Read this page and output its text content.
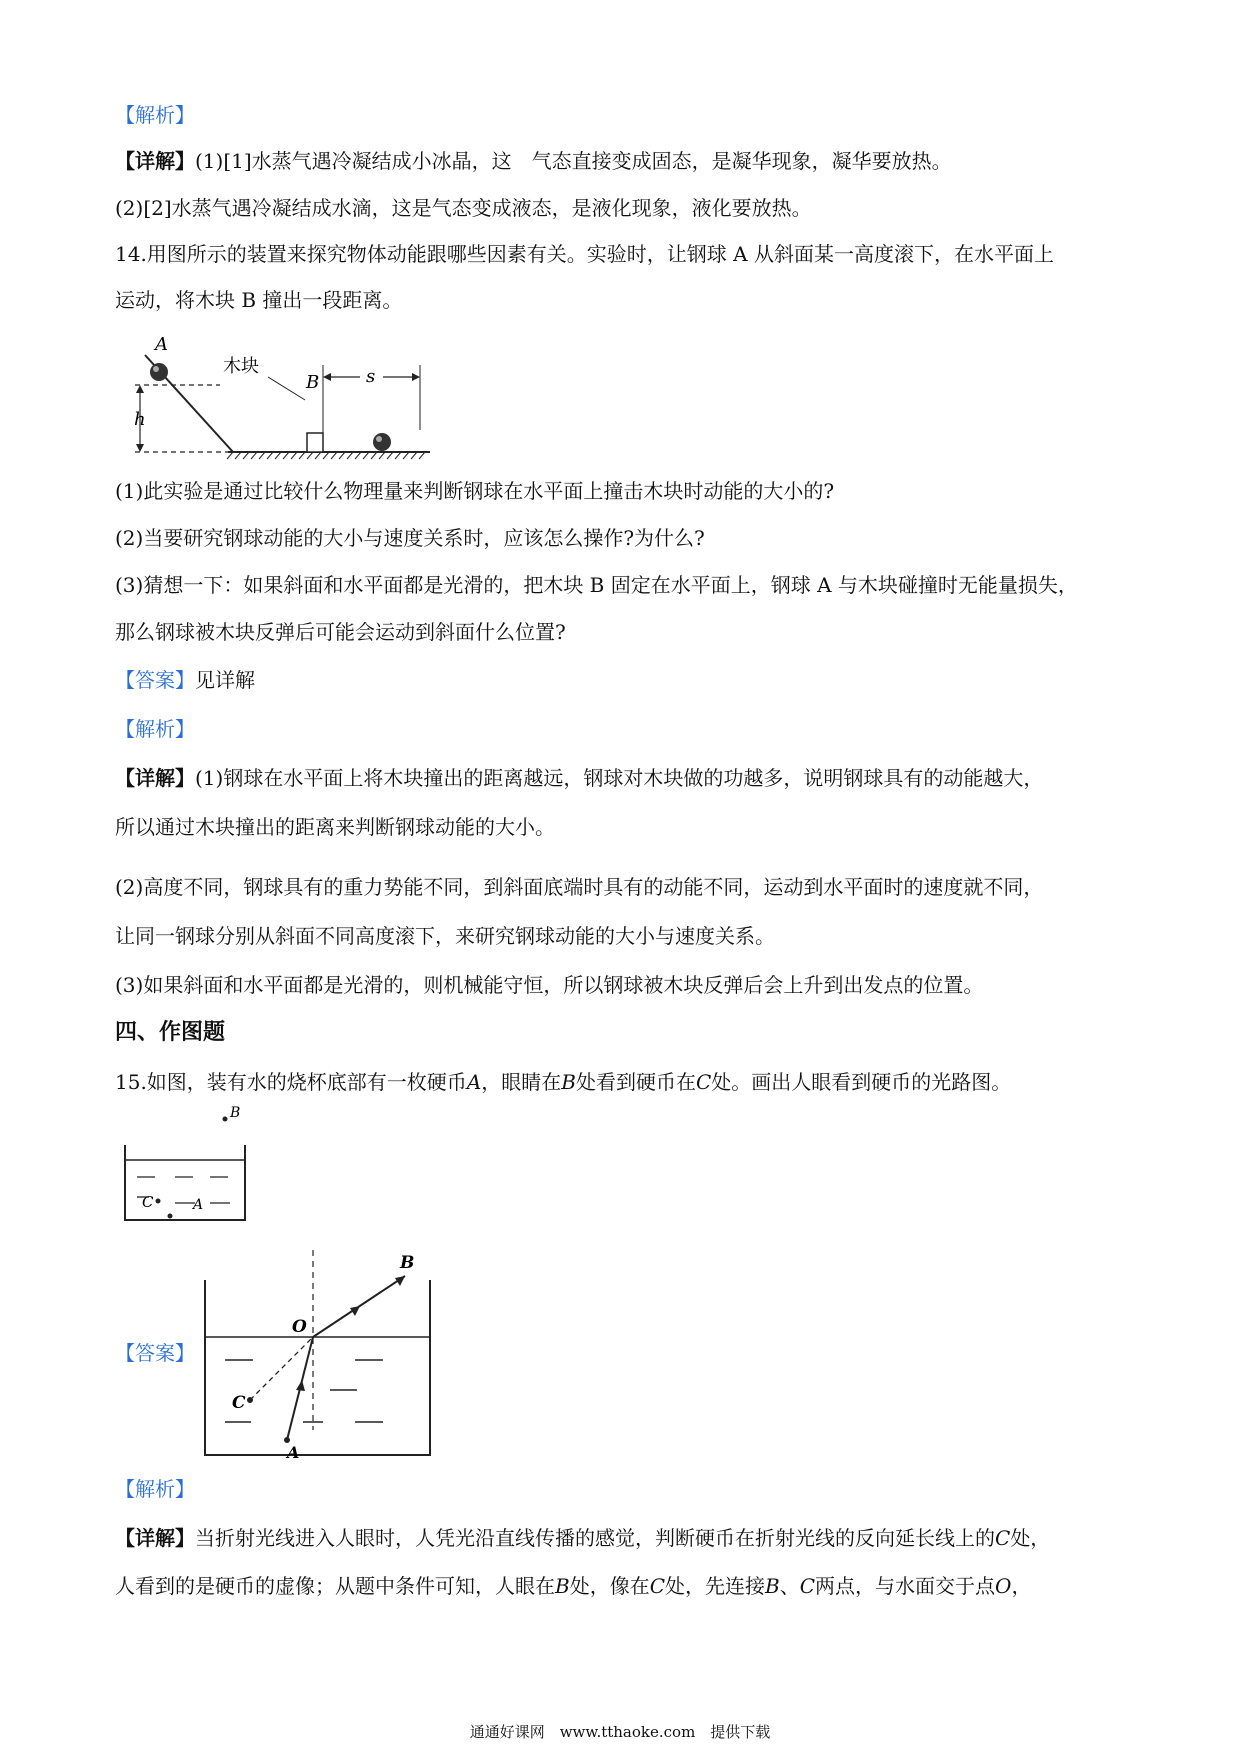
【解析】
【详解】(1)[1]水蒸气遇冷凝结成小冰晶，这　气态直接变成固态，是凝华现象，凝华要放热。
(2)[2]水蒸气遇冷凝结成水滴，这是气态变成液态，是液化现象，液化要放热。
14.用图所示的装置来探究物体动能跟哪些因素有关。实验时，让钢球 A 从斜面某一高度滚下，在水平面上
运动，将木块 B 撞出一段距离。
h
A
木块
B	s
(1)此实验是通过比较什么物理量来判断钢球在水平面上撞击木块时动能的大小的?
(2)当要研究钢球动能的大小与速度关系时，应该怎么操作?为什么?
(3)猜想一下：如果斜面和水平面都是光滑的，把木块 B 固定在水平面上，钢球 A 与木块碰撞时无能量损失，
那么钢球被木块反弹后可能会运动到斜面什么位置?
【答案】见详解
【解析】
【详解】(1)钢球在水平面上将木块撞出的距离越远，钢球对木块做的功越多，说明钢球具有的动能越大，
所以通过木块撞出的距离来判断钢球动能的大小。
(2)高度不同，钢球具有的重力势能不同，到斜面底端时具有的动能不同，运动到水平面时的速度就不同，
让同一钢球分别从斜面不同高度滚下，来研究钢球动能的大小与速度关系。
(3)如果斜面和水平面都是光滑的，则机械能守恒，所以钢球被木块反弹后会上升到出发点的位置。
四、作图题
15.如图，装有水的烧杯底部有一枚硬币A，眼睛在B处看到硬币在C处。画出人眼看到硬币的光路图。
B
C	A
【答案】
B
O
C
A
【解析】
【详解】当折射光线进入人眼时，人凭光沿直线传播的感觉，判断硬币在折射光线的反向延长线上的C处，
人看到的是硬币的虚像；从题中条件可知，人眼在B处，像在C处，先连接B、C两点，与水面交于点O，
通通好课网　www.tthaoke.com　提供下载
